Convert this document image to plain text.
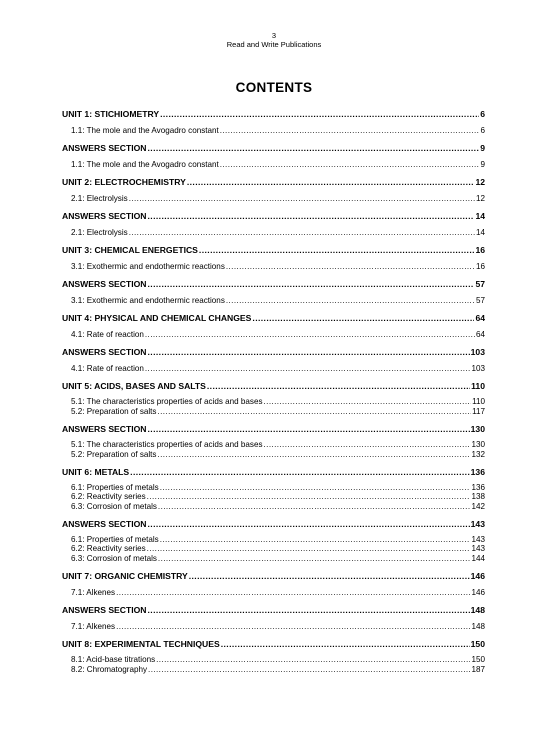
3
Read and Write Publications
CONTENTS
UNIT 1: STICHIOMETRY .....	6
1.1: The mole and the Avogadro constant .....	6
ANSWERS SECTION .....	9
1.1: The mole and the Avogadro constant .....	9
UNIT 2: ELECTROCHEMISTRY .....	12
2.1: Electrolysis .....	12
ANSWERS SECTION .....	14
2.1: Electrolysis .....	14
UNIT 3: CHEMICAL ENERGETICS .....	16
3.1: Exothermic and endothermic reactions .....	16
ANSWERS SECTION .....	57
3.1: Exothermic and endothermic reactions .....	57
UNIT 4: PHYSICAL AND CHEMICAL CHANGES .....	64
4.1: Rate of reaction .....	64
ANSWERS SECTION .....	103
4.1: Rate of reaction .....	103
UNIT 5: ACIDS, BASES AND SALTS .....	110
5.1: The characteristics properties of acids and bases .....	110
5.2: Preparation of salts .....	117
ANSWERS SECTION .....	130
5.1: The characteristics properties of acids and bases .....	130
5.2: Preparation of salts .....	132
UNIT 6: METALS .....	136
6.1: Properties of metals .....	136
6.2: Reactivity series .....	138
6.3: Corrosion of metals .....	142
ANSWERS SECTION .....	143
6.1: Properties of metals .....	143
6.2: Reactivity series .....	143
6.3: Corrosion of metals .....	144
UNIT 7: ORGANIC CHEMISTRY .....	146
7.1: Alkenes .....	146
ANSWERS SECTION .....	148
7.1: Alkenes .....	148
UNIT 8: EXPERIMENTAL TECHNIQUES .....	150
8.1: Acid-base titrations .....	150
8.2: Chromatography .....	187
